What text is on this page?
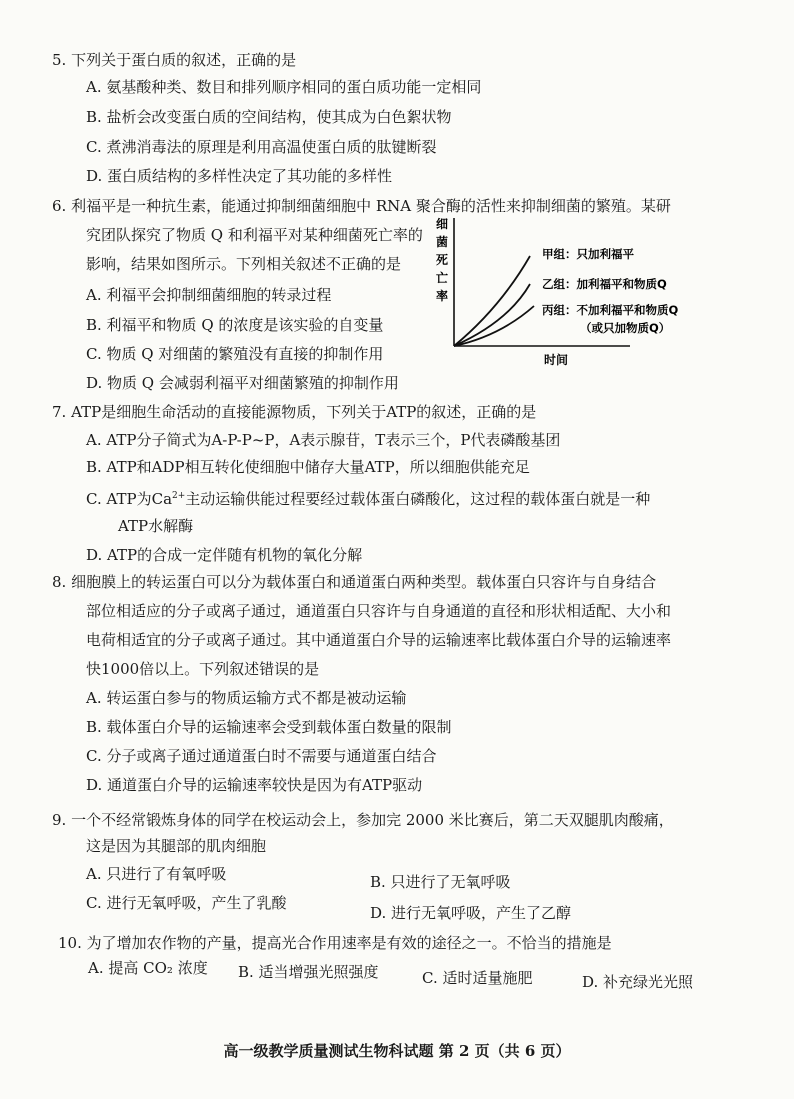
5. 下列关于蛋白质的叙述，正确的是
A. 氨基酸种类、数目和排列顺序相同的蛋白质功能一定相同
B. 盐析会改变蛋白质的空间结构，使其成为白色絮状物
C. 煮沸消毒法的原理是利用高温使蛋白质的肽键断裂
D. 蛋白质结构的多样性决定了其功能的多样性
6. 利福平是一种抗生素，能通过抑制细菌细胞中 RNA 聚合酶的活性来抑制细菌的繁殖。某研
究团队探究了物质 Q 和利福平对某种细菌死亡率的
影响，结果如图所示。下列相关叙述不正确的是
A. 利福平会抑制细菌细胞的转录过程
B. 利福平和物质 Q 的浓度是该实验的自变量
C. 物质 Q 对细菌的繁殖没有直接的抑制作用
D. 物质 Q 会减弱利福平对细菌繁殖的抑制作用
细
菌
死
亡
率
甲组：只加利福平
乙组：加利福平和物质Q
丙组：不加利福平和物质Q
（或只加物质Q）
时间
7. ATP是细胞生命活动的直接能源物质，下列关于ATP的叙述，正确的是
A. ATP分子简式为A-P-P~P，A表示腺苷，T表示三个，P代表磷酸基团
B. ATP和ADP相互转化使细胞中储存大量ATP，所以细胞供能充足
C. ATP为$Ca^{2+}$主动运输供能过程要经过载体蛋白磷酸化，这过程的载体蛋白就是一种
ATP水解酶
D. ATP的合成一定伴随有机物的氧化分解
8. 细胞膜上的转运蛋白可以分为载体蛋白和通道蛋白两种类型。载体蛋白只容许与自身结合
部位相适应的分子或离子通过，通道蛋白只容许与自身通道的直径和形状相适配、大小和
电荷相适宜的分子或离子通过。其中通道蛋白介导的运输速率比载体蛋白介导的运输速率
快1000倍以上。下列叙述错误的是
A. 转运蛋白参与的物质运输方式不都是被动运输
B. 载体蛋白介导的运输速率会受到载体蛋白数量的限制
C. 分子或离子通过通道蛋白时不需要与通道蛋白结合
D. 通道蛋白介导的运输速率较快是因为有ATP驱动
9. 一个不经常锻炼身体的同学在校运动会上，参加完 2000 米比赛后，第二天双腿肌肉酸痛，
这是因为其腿部的肌肉细胞
A. 只进行了有氧呼吸	B. 只进行了无氧呼吸
C. 进行无氧呼吸，产生了乳酸
D. 进行无氧呼吸，产生了乙醇
10. 为了增加农作物的产量，提高光合作用速率是有效的途径之一。不恰当的措施是
A. 提高 CO₂ 浓度 B. 适当增强光照强度	C. 适时适量施肥	D. 补充绿光光照
高一级教学质量测试生物科试题 第 2 页（共 6 页）
